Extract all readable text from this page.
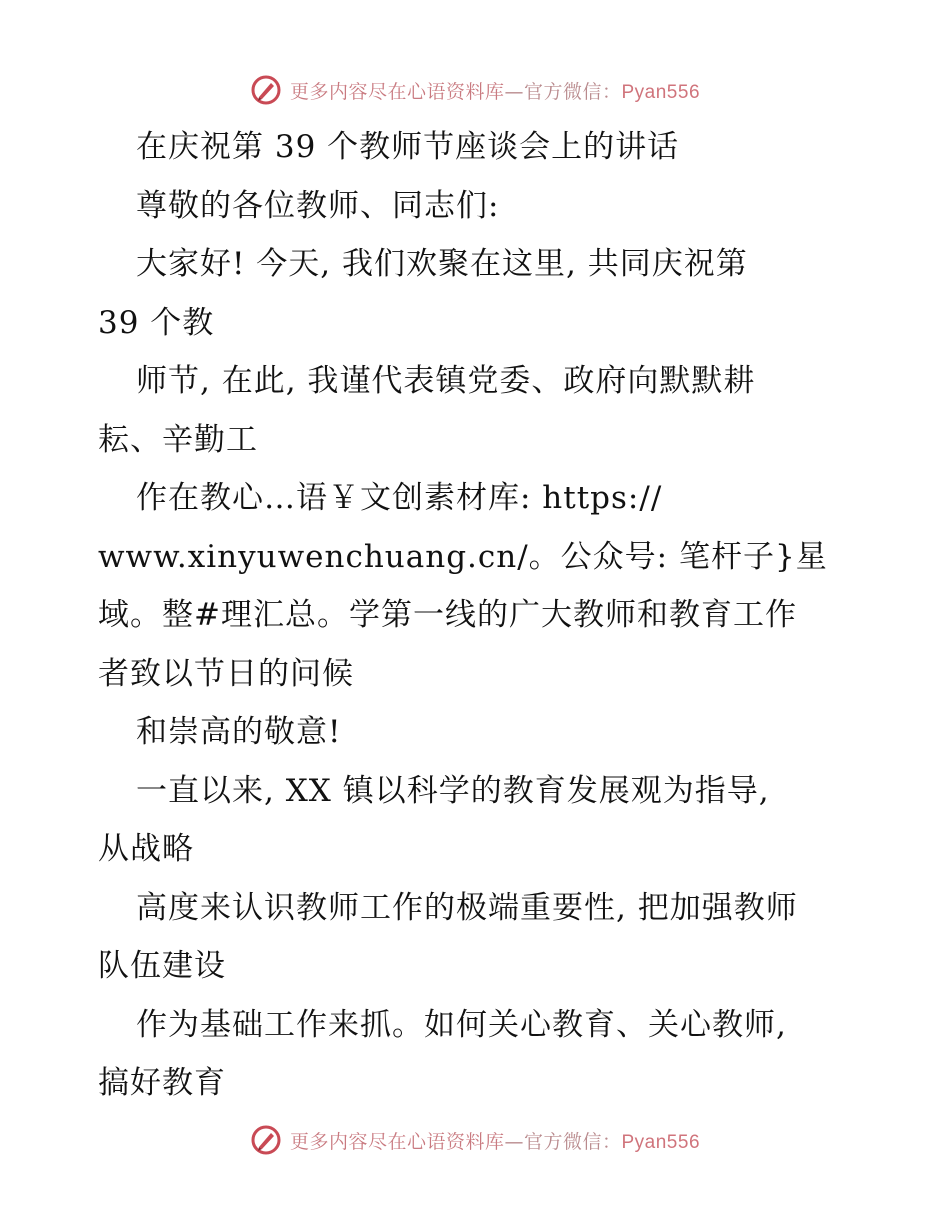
更多内容尽在心语资料库—官方微信：Pyan556
在庆祝第 39 个教师节座谈会上的讲话
尊敬的各位教师、同志们:
大家好! 今天, 我们欢聚在这里, 共同庆祝第
39 个教
师节, 在此, 我谨代表镇党委、政府向默默耕
耘、辛勤工
作在教心…语￥文创素材库: https://
www.xinyuwenchuang.cn/。公众号: 笔杆子}星
域。整#理汇总。学第一线的广大教师和教育工作
者致以节日的问候
和崇高的敬意!
一直以来, XX 镇以科学的教育发展观为指导,
从战略
高度来认识教师工作的极端重要性, 把加强教师
队伍建设
作为基础工作来抓。如何关心教育、关心教师,
搞好教育
更多内容尽在心语资料库—官方微信：Pyan556
